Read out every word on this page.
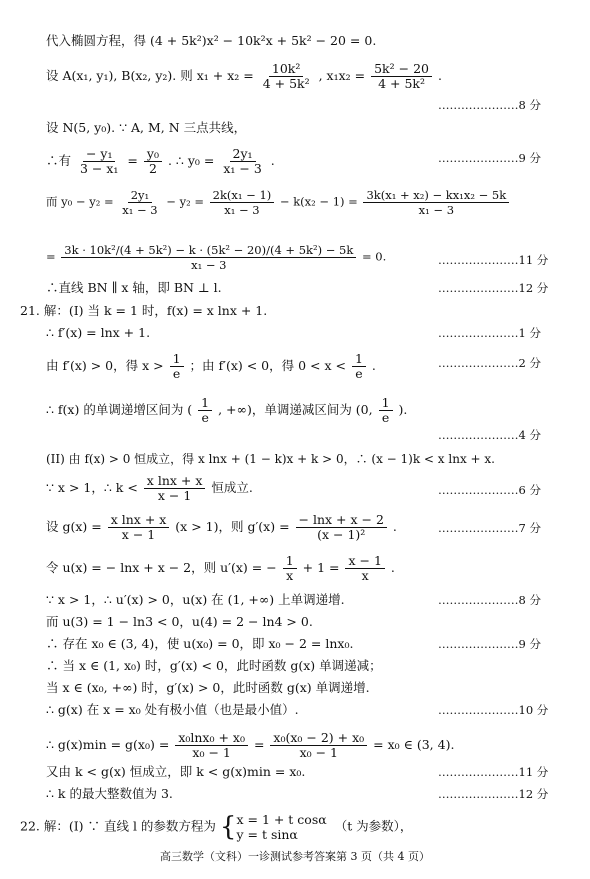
代入椭圆方程，得 (4 + 5k²)x² − 10k²x + 5k² − 20 = 0.
设 A(x₁, y₁), B(x₂, y₂). 则 $x_1 + x_2 = \frac{\text{10k²}}{\text{4 + 5k²}}$ , $x_1x_2 = \frac{\text{5k² − 20}}{\text{4 + 5k²}}$ .
…………………8 分
设 N(5, y₀). ∵ A, M, N 三点共线，
∴有 $\frac{\text{− y₁}}{\text{3 − x₁}} = \frac{\text{y₀}}{2}$ . ∴ $y_0 = \frac{\text{2y₁}}{\text{x₁ − 3}}$ .	…………………9 分
而 $y_0 - y_2 = \frac{\text{2y₁}}{\text{x₁ − 3}} - y_2 = \frac{\text{2k(x₁ − 1)}}{\text{x₁ − 3}} - k(x_2 - 1) = \frac{\text{3k(x₁ + x₂) − kx₁x₂ − 5k}}{\text{x₁ − 3}}$
= $\frac{\text{3k · 10k²/(4 + 5k²) − k · (5k² − 20)/(4 + 5k²) − 5k}}{\text{x₁ − 3}} = 0$.	…………………11 分
∴直线 BN ∥ x 轴，即 BN ⊥ l.	…………………12 分
21. 解：(I) 当 k = 1 时，f(x) = x lnx + 1.
∴ f′(x) = lnx + 1.	…………………1 分
由 f′(x) > 0，得 $x > \frac{1}{e}$ ；由 f′(x) < 0，得 $0 < x < \frac{1}{e}$ .	…………………2 分
∴ f(x) 的单调递增区间为 ( $\frac{1}{e}$ , +∞)，单调递减区间为 (0, $\frac{1}{e}$ ).
…………………4 分
(II) 由 f(x) > 0 恒成立，得 x lnx + (1 − k)x + k > 0，∴ (x − 1)k < x lnx + x.
∵ x > 1，∴ $k < \frac{\text{x lnx + x}}{x - 1}$ 恒成立.	…………………6 分
设 $g(x) = \frac{\text{x lnx + x}}{x - 1} (x > 1)$，则 $g'(x) = \frac{- \ln x + x - 2}{\text{(x − 1)²}}$ .	…………………7 分
令 u(x) = − lnx + x − 2，则 u′(x) = − $\frac{1}{x} + 1 = \frac{x - 1}{x}$ .
∵ x > 1，∴ u′(x) > 0，u(x) 在 (1, +∞) 上单调递增.	…………………8 分
而 u(3) = 1 − ln3 < 0，u(4) = 2 − ln4 > 0.
∴ 存在 x₀ ∈ (3, 4)，使 u(x₀) = 0，即 x₀ − 2 = lnx₀.	…………………9 分
∴ 当 x ∈ (1, x₀) 时，g′(x) < 0，此时函数 g(x) 单调递减；
当 x ∈ (x₀, +∞) 时，g′(x) > 0，此时函数 g(x) 单调递增.
∴ g(x) 在 x = x₀ 处有极小值（也是最小值）.	…………………10 分
∴ $g(x)\min = g(x_0) = \frac{\text{x₀lnx₀ + x₀}}{\text{x₀ − 1}} = \frac{\text{x₀(x₀ − 2) + x₀}}{\text{x₀ − 1}} = x_0$ ∈ (3, 4).
又由 k < g(x) 恒成立，即 k < g(x)min = x₀.	…………………11 分
∴ k 的最大整数值为 3.	…………………12 分
22. 解：(I) ∵ 直线 l 的参数方程为 { x = 1 + t cosα
y = t sinα
（t 为参数），
高三数学（文科）一诊测试参考答案第 3 页（共 4 页）
